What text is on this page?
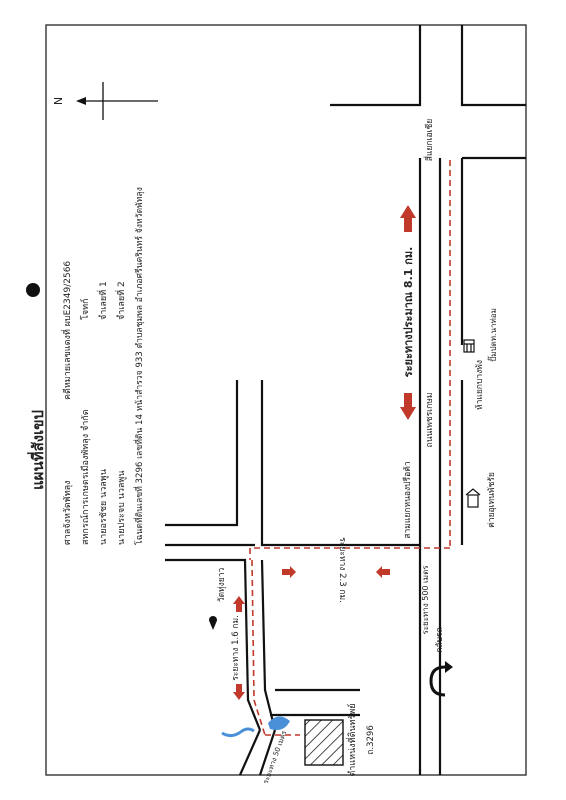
N
แผนที่สังเขป
ศาลจังหวัดพัทลุง
คดีหมายเลขแดงที่ ผบE2349/2566
สหกรณ์การเกษตรเมืองพัทลุง จำกัด
โจทก์
นายอรชัชย นวลพูน
จำเลยที่ 1
นายประจบ นวลพูน
จำเลยที่ 2 โฉนดที่ดินเลขที่ 3296 เลขที่ดิน 14 หน้าสำรวจ 933 ตำบลชุมพล อำเภอศรีนครินทร์ จังหวัดพัทลุง	ระยะทางประมาณ 8.1 กม.
ระยะทาง 2.3 กม.
ระยะทาง 1.6 กม.
ระยะทาง 500 เมตร
ระยะทาง 50 เมตร
กลับรถ
ถนนเพชรเกษม
สี่แยกเอเชีย
สามแยกหนองปรือค้า
วัดทุ่งยาว
ห้าแยกบางพัง
ปั๊มปตท.นาท่อม
ค่ายอุเทนพัชรัย
ตำแหน่งที่ดินทรัพย์ ถ.3296
